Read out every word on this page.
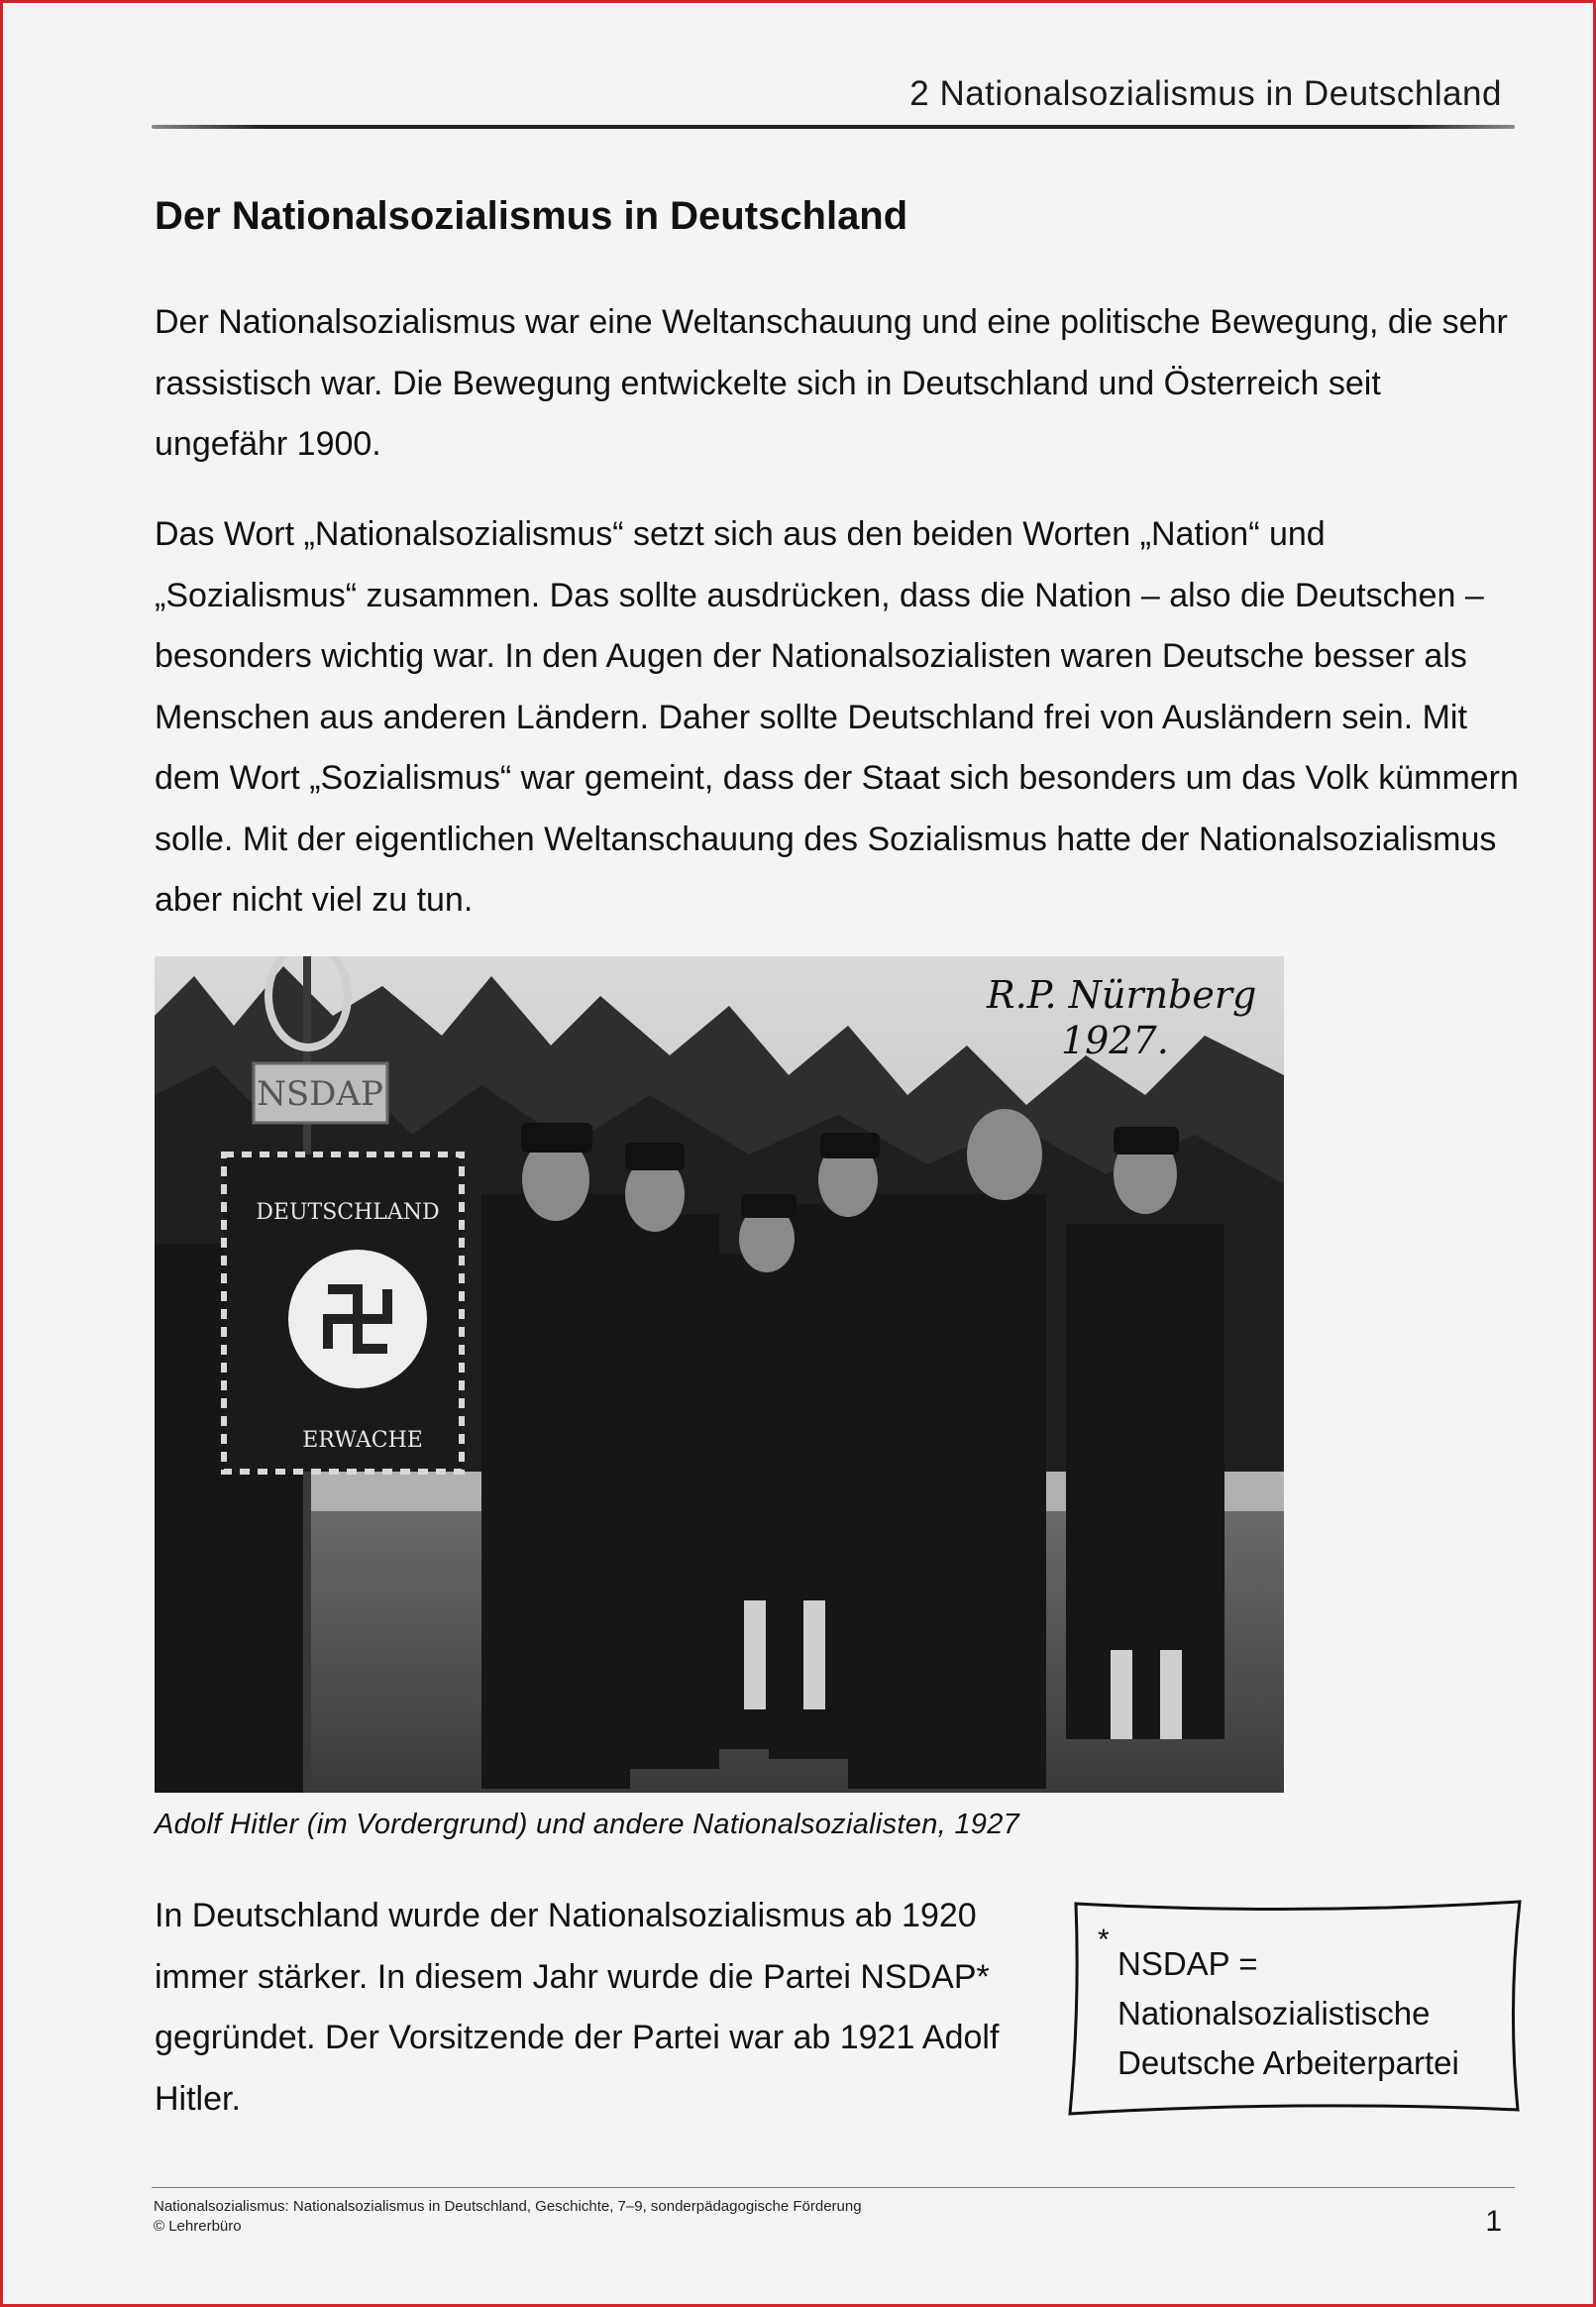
2 Nationalsozialismus in Deutschland
Der Nationalsozialismus in Deutschland

Der Nationalsozialismus war eine Weltanschauung und eine politische Bewegung, die sehr rassistisch war. Die Bewegung entwickelte sich in Deutschland und Österreich seit ungefähr 1900.

Das Wort „Nationalsozialismus“ setzt sich aus den beiden Worten „Nation“ und „Sozialismus“ zusammen. Das sollte ausdrücken, dass die Nation – also die Deutschen – besonders wichtig war. In den Augen der Nationalsozialisten waren Deutsche besser als Menschen aus anderen Ländern. Daher sollte Deutschland frei von Ausländern sein. Mit dem Wort „Sozialismus“ war gemeint, dass der Staat sich besonders um das Volk kümmern solle. Mit der eigentlichen Weltanschauung des Sozialismus hatte der Nationalsozialismus aber nicht viel zu tun.

NSDAP
DEUTSCHLAND
ERWACHE
R.P. Nürnberg
1927.
Adolf Hitler (im Vordergrund) und andere Nationalsozialisten, 1927

In Deutschland wurde der Nationalsozialismus ab 1920 immer stärker. In diesem Jahr wurde die Partei NSDAP* gegründet. Der Vorsitzende der Partei war ab 1921 Adolf Hitler.

*
NSDAP =
Nationalsozialistische
Deutsche Arbeiterpartei
Nationalsozialismus: Nationalsozialismus in Deutschland, Geschichte, 7–9, sonderpädagogische Förderung
© Lehrerbüro	1
